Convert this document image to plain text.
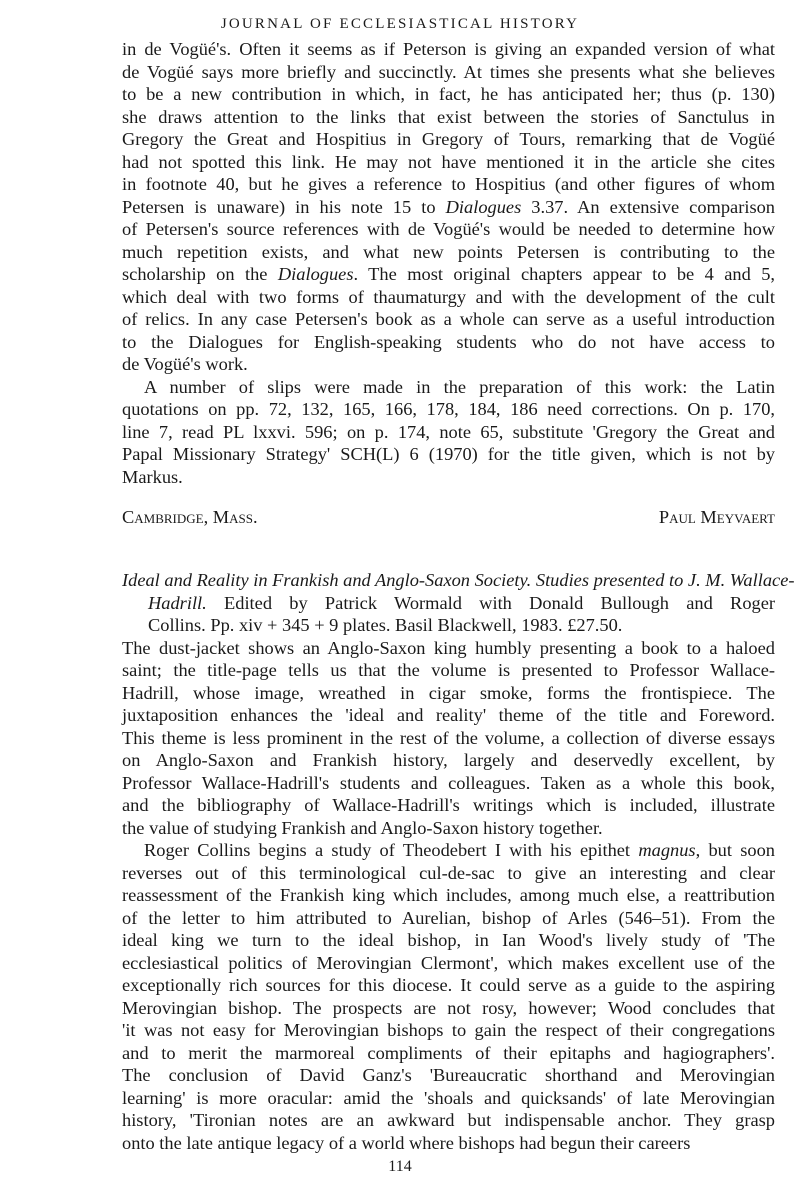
JOURNAL OF ECCLESIASTICAL HISTORY
in de Vogüé's. Often it seems as if Peterson is giving an expanded version of what
de Vogüé says more briefly and succinctly. At times she presents what she believes
to be a new contribution in which, in fact, he has anticipated her; thus (p. 130)
she draws attention to the links that exist between the stories of Sanctulus in
Gregory the Great and Hospitius in Gregory of Tours, remarking that de Vogüé
had not spotted this link. He may not have mentioned it in the article she cites
in footnote 40, but he gives a reference to Hospitius (and other figures of whom
Petersen is unaware) in his note 15 to Dialogues 3.37. An extensive comparison
of Petersen's source references with de Vogüé's would be needed to determine how
much repetition exists, and what new points Petersen is contributing to the
scholarship on the Dialogues. The most original chapters appear to be 4 and 5,
which deal with two forms of thaumaturgy and with the development of the cult
of relics. In any case Petersen's book as a whole can serve as a useful introduction
to the Dialogues for English-speaking students who do not have access to
de Vogüé's work.
A number of slips were made in the preparation of this work: the Latin
quotations on pp. 72, 132, 165, 166, 178, 184, 186 need corrections. On p. 170,
line 7, read PL lxxvi. 596; on p. 174, note 65, substitute 'Gregory the Great and
Papal Missionary Strategy' SCH(L) 6 (1970) for the title given, which is not by
Markus.
Cambridge, Mass.	Paul Meyvaert
Ideal and Reality in Frankish and Anglo-Saxon Society. Studies presented to J. M. Wallace-
Hadrill. Edited by Patrick Wormald with Donald Bullough and Roger
Collins. Pp. xiv + 345 + 9 plates. Basil Blackwell, 1983. £27.50.
The dust-jacket shows an Anglo-Saxon king humbly presenting a book to a haloed
saint; the title-page tells us that the volume is presented to Professor Wallace-
Hadrill, whose image, wreathed in cigar smoke, forms the frontispiece. The
juxtaposition enhances the 'ideal and reality' theme of the title and Foreword.
This theme is less prominent in the rest of the volume, a collection of diverse essays
on Anglo-Saxon and Frankish history, largely and deservedly excellent, by
Professor Wallace-Hadrill's students and colleagues. Taken as a whole this book,
and the bibliography of Wallace-Hadrill's writings which is included, illustrate
the value of studying Frankish and Anglo-Saxon history together.
Roger Collins begins a study of Theodebert I with his epithet magnus, but soon
reverses out of this terminological cul-de-sac to give an interesting and clear
reassessment of the Frankish king which includes, among much else, a reattribution
of the letter to him attributed to Aurelian, bishop of Arles (546–51). From the
ideal king we turn to the ideal bishop, in Ian Wood's lively study of 'The
ecclesiastical politics of Merovingian Clermont', which makes excellent use of the
exceptionally rich sources for this diocese. It could serve as a guide to the aspiring
Merovingian bishop. The prospects are not rosy, however; Wood concludes that
'it was not easy for Merovingian bishops to gain the respect of their congregations
and to merit the marmoreal compliments of their epitaphs and hagiographers'.
The conclusion of David Ganz's 'Bureaucratic shorthand and Merovingian
learning' is more oracular: amid the 'shoals and quicksands' of late Merovingian
history, 'Tironian notes are an awkward but indispensable anchor. They grasp
onto the late antique legacy of a world where bishops had begun their careers
114
